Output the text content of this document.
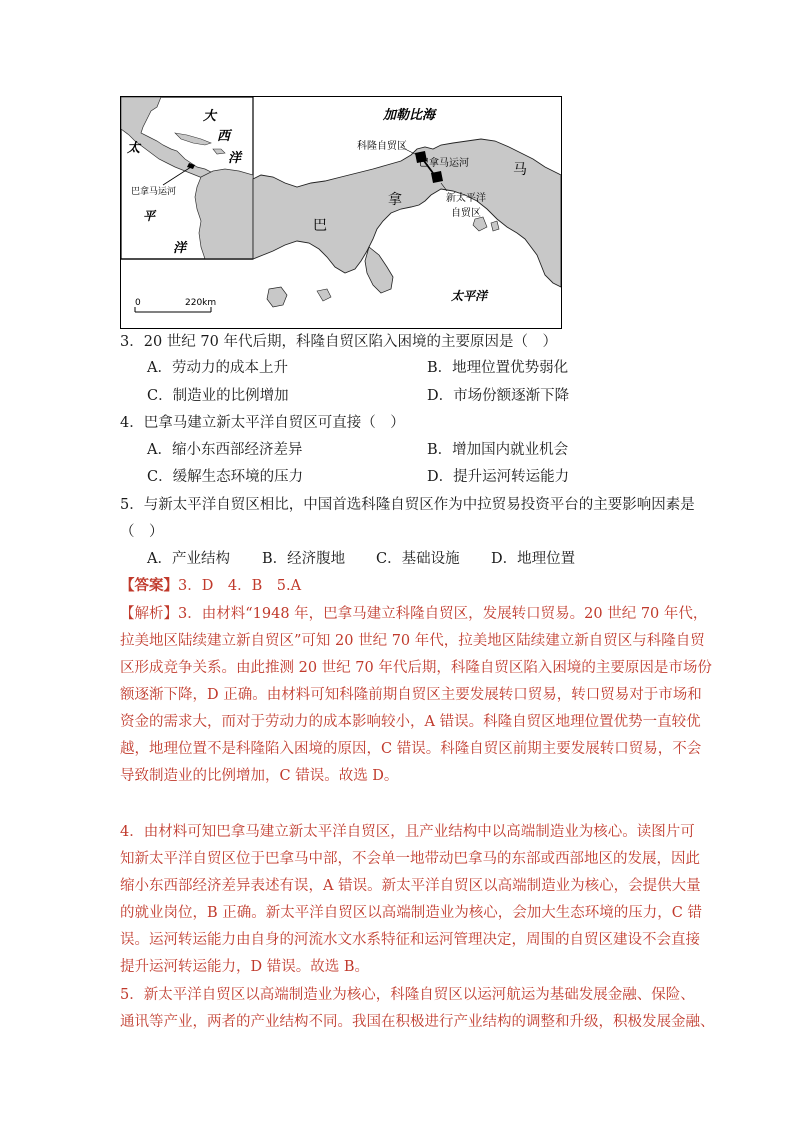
加勒比海
科隆自贸区
巴拿马运河	马
新太平洋
自贸区
拿
巴
太平洋
大
西
洋
太
巴拿马运河
平
洋
0	220km
3．20 世纪 70 年代后期，科隆自贸区陷入困境的主要原因是（　）
A．劳动力的成本上升	B．地理位置优势弱化
C．制造业的比例增加	D．市场份额逐渐下降
4．巴拿马建立新太平洋自贸区可直接（　）
A．缩小东西部经济差异	B．增加国内就业机会
C．缓解生态环境的压力	D．提升运河转运能力
5．与新太平洋自贸区相比，中国首选科隆自贸区作为中拉贸易投资平台的主要影响因素是
（　）
A．产业结构 B．经济腹地 C．基础设施 D．地理位置
【答案】3．D　4．B　5.A
【解析】3．由材料“1948 年，巴拿马建立科隆自贸区，发展转口贸易。20 世纪 70 年代，
拉美地区陆续建立新自贸区”可知 20 世纪 70 年代，拉美地区陆续建立新自贸区与科隆自贸
区形成竞争关系。由此推测 20 世纪 70 年代后期，科隆自贸区陷入困境的主要原因是市场份
额逐渐下降，D 正确。由材料可知科隆前期自贸区主要发展转口贸易，转口贸易对于市场和
资金的需求大，而对于劳动力的成本影响较小，A 错误。科隆自贸区地理位置优势一直较优
越，地理位置不是科隆陷入困境的原因，C 错误。科隆自贸区前期主要发展转口贸易，不会
导致制造业的比例增加，C 错误。故选 D。
4．由材料可知巴拿马建立新太平洋自贸区，且产业结构中以高端制造业为核心。读图片可
知新太平洋自贸区位于巴拿马中部，不会单一地带动巴拿马的东部或西部地区的发展，因此
缩小东西部经济差异表述有误，A 错误。新太平洋自贸区以高端制造业为核心，会提供大量
的就业岗位，B 正确。新太平洋自贸区以高端制造业为核心，会加大生态环境的压力，C 错
误。运河转运能力由自身的河流水文水系特征和运河管理决定，周围的自贸区建设不会直接
提升运河转运能力，D 错误。故选 B。
5．新太平洋自贸区以高端制造业为核心，科隆自贸区以运河航运为基础发展金融、保险、
通讯等产业，两者的产业结构不同。我国在积极进行产业结构的调整和升级，积极发展金融、
